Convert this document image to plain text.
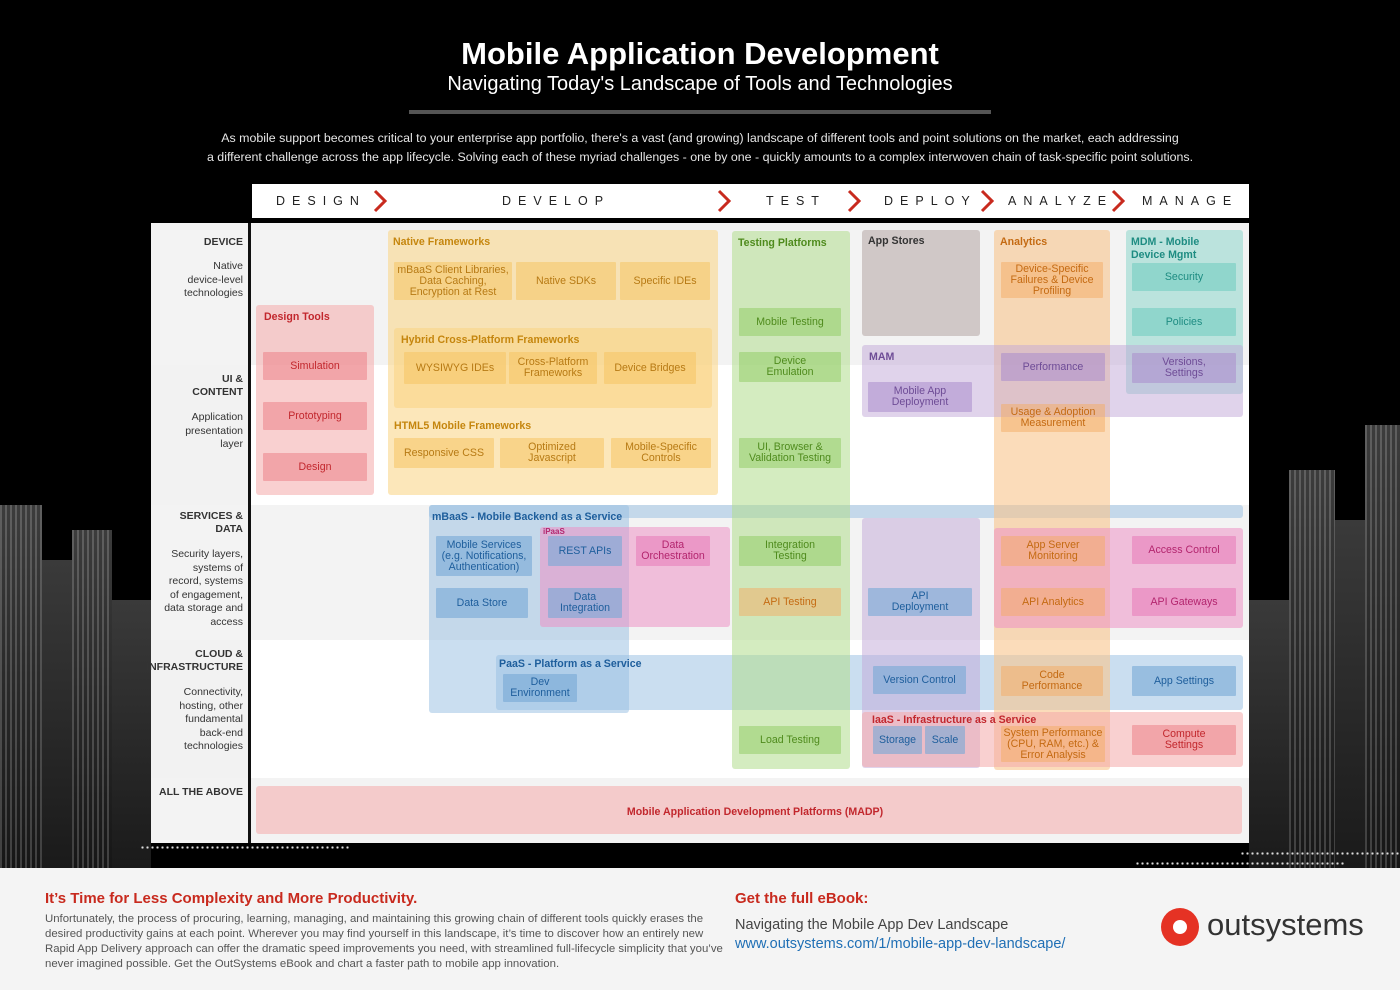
Mobile Application Development
Navigating Today's Landscape of Tools and Technologies
As mobile support becomes critical to your enterprise app portfolio, there's a vast (and growing) landscape of different tools and point solutions on the market, each addressing
a different challenge across the app lifecycle. Solving each of these myriad challenges - one by one - quickly amounts to a complex interwoven chain of task-specific point solutions.
DESIGN	DEVELOP	TEST	DEPLOY	ANALYZE MANAGE
DEVICE
Native
device-level
technologies
UI &
CONTENT
Application
presentation
layer
SERVICES &
DATA
Security layers,
systems of
record, systems
of engagement,
data storage and
access
CLOUD &
INFRASTRUCTURE
Connectivity,
hosting, other
fundamental
back-end
technologies
ALL THE ABOVE
Design Tools
Native Frameworks
Hybrid Cross-Platform Frameworks
HTML5 Mobile Frameworks
Testing Platforms	App Stores
MAM
Analytics	MDM - Mobile
Device Mgmt
mBaaS - Mobile Backend as a Service
iPaaS
PaaS - Platform as a Service
IaaS - Infrastructure as a Service
Simulation
Prototyping
Design
mBaaS Client Libraries,
Data Caching,
Encryption at Rest
Native SDKs	Specific IDEs
WYSIWYG IDEs	Cross-Platform
Frameworks	Device Bridges
Responsive CSS	Optimized
Javascript
Mobile-Specific
Controls
Mobile Testing
Device
Emulation
UI, Browser &
Validation Testing
Integration
Testing
API Testing
Load Testing
Mobile App
Deployment
API
Deployment
Version Control
Storage	Scale
Device-Specific
Failures & Device
Profiling
Performance
Usage & Adoption
Measurement
App Server
Monitoring
API Analytics
Code
Performance
System Performance
(CPU, RAM, etc.) &
Error Analysis
Security
Policies
Versions,
Settings
Access Control
API Gateways
App Settings
Compute
Settings
Mobile Services
(e.g. Notifications,
Authentication)
REST APIs	Data
Orchestration
Data Store	Data
Integration
Dev
Environment
Mobile Application Development Platforms (MADP)
It’s Time for Less Complexity and More Productivity.
Unfortunately, the process of procuring, learning, managing, and maintaining this growing chain of different tools quickly erases the desired productivity gains at each point. Wherever you may find yourself in this landscape, it’s time to discover how an entirely new Rapid App Delivery approach can offer the dramatic speed improvements you need, with streamlined full-lifecycle simplicity that you’ve never imagined possible. Get the OutSystems eBook and chart a faster path to mobile app innovation.
Get the full eBook:
Navigating the Mobile App Dev Landscape
www.outsystems.com/1/mobile-app-dev-landscape/
outsystems
